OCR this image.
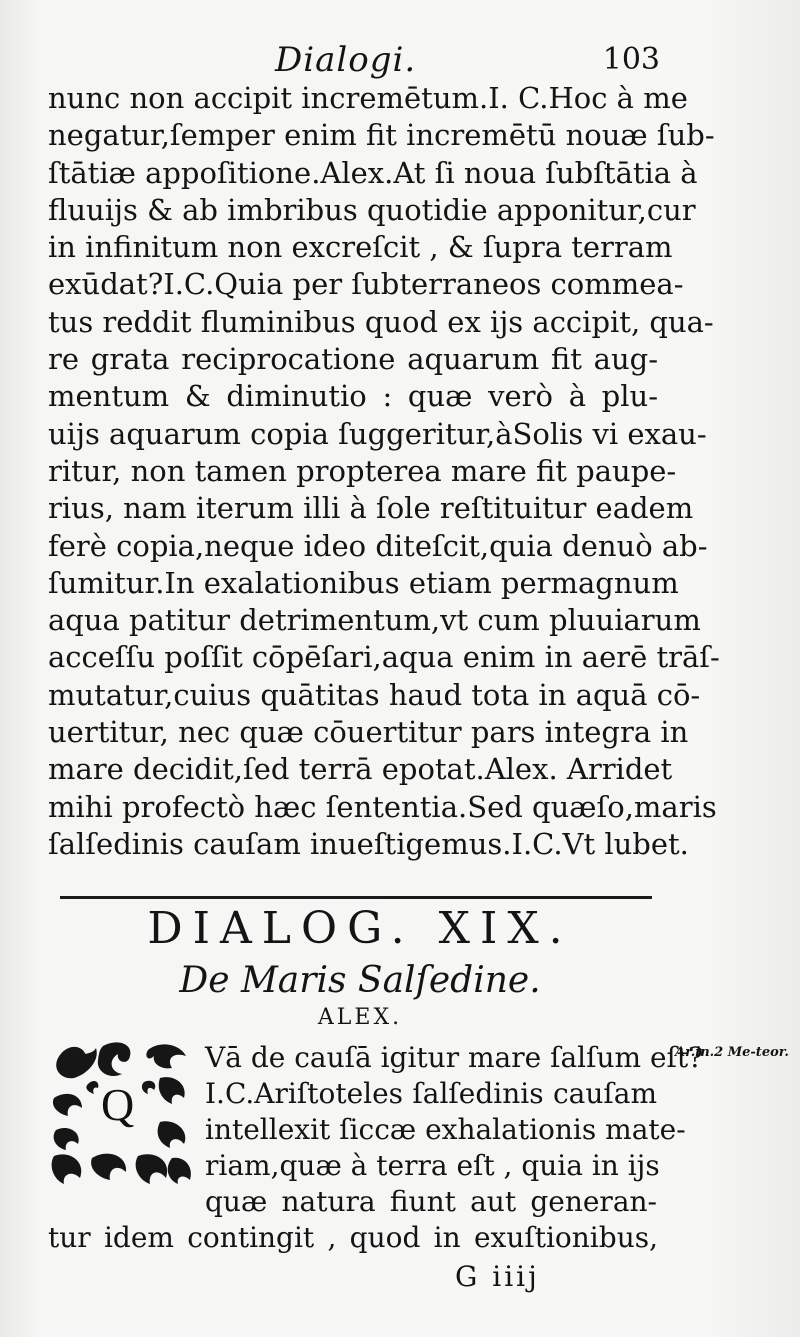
Dialogi.	103
nunc non accipit incremētum.I. C.Hoc à me
negatur,ſemper enim fit incremētū nouæ ſub-
ſtātiæ appoſitione.Alex.At ſi noua ſubſtātia à
fluuijs & ab imbribus quotidie apponitur,cur
in infinitum non excreſcit , & ſupra terram
exūdat?I.C.Quia per ſubterraneos commea-
tus reddit fluminibus quod ex ijs accipit, qua-
re grata reciprocatione aquarum fit aug-
mentum & diminutio : quæ verò à plu-
uijs aquarum copia ſuggeritur,àSolis vi exau-
ritur, non tamen propterea mare fit paupe-
rius, nam iterum illi à ſole reſtituitur eadem
ferè copia,neque ideo diteſcit,quia denuò ab-
ſumitur.In exalationibus etiam permagnum
aqua patitur detrimentum,vt cum pluuiarum
acceſſu poſſit cōpēſari,aqua enim in aerē trāſ-
mutatur,cuius quātitas haud tota in aquā cō-
uertitur, nec quæ cōuertitur pars integra in
mare decidit,ſed terrā epotat.Alex. Arridet
mihi profectò hæc ſententia.Sed quæſo,maris
ſalſedinis cauſam inueſtigemus.I.C.Vt lubet.
DIALOG. XIX.
De Maris Salſedine.
ALEX.
Q
Vā de cauſā igitur mare ſalſum eſt?
I.C.Ariſtoteles ſalſedinis cauſam
intellexit ſiccæ exhalationis mate-
riam,quæ à terra eſt , quia in ijs
quæ natura fiunt aut generan-
tur idem contingit , quod in exuſtionibus,
G iiij
Ar.in.2 Me-teor.
